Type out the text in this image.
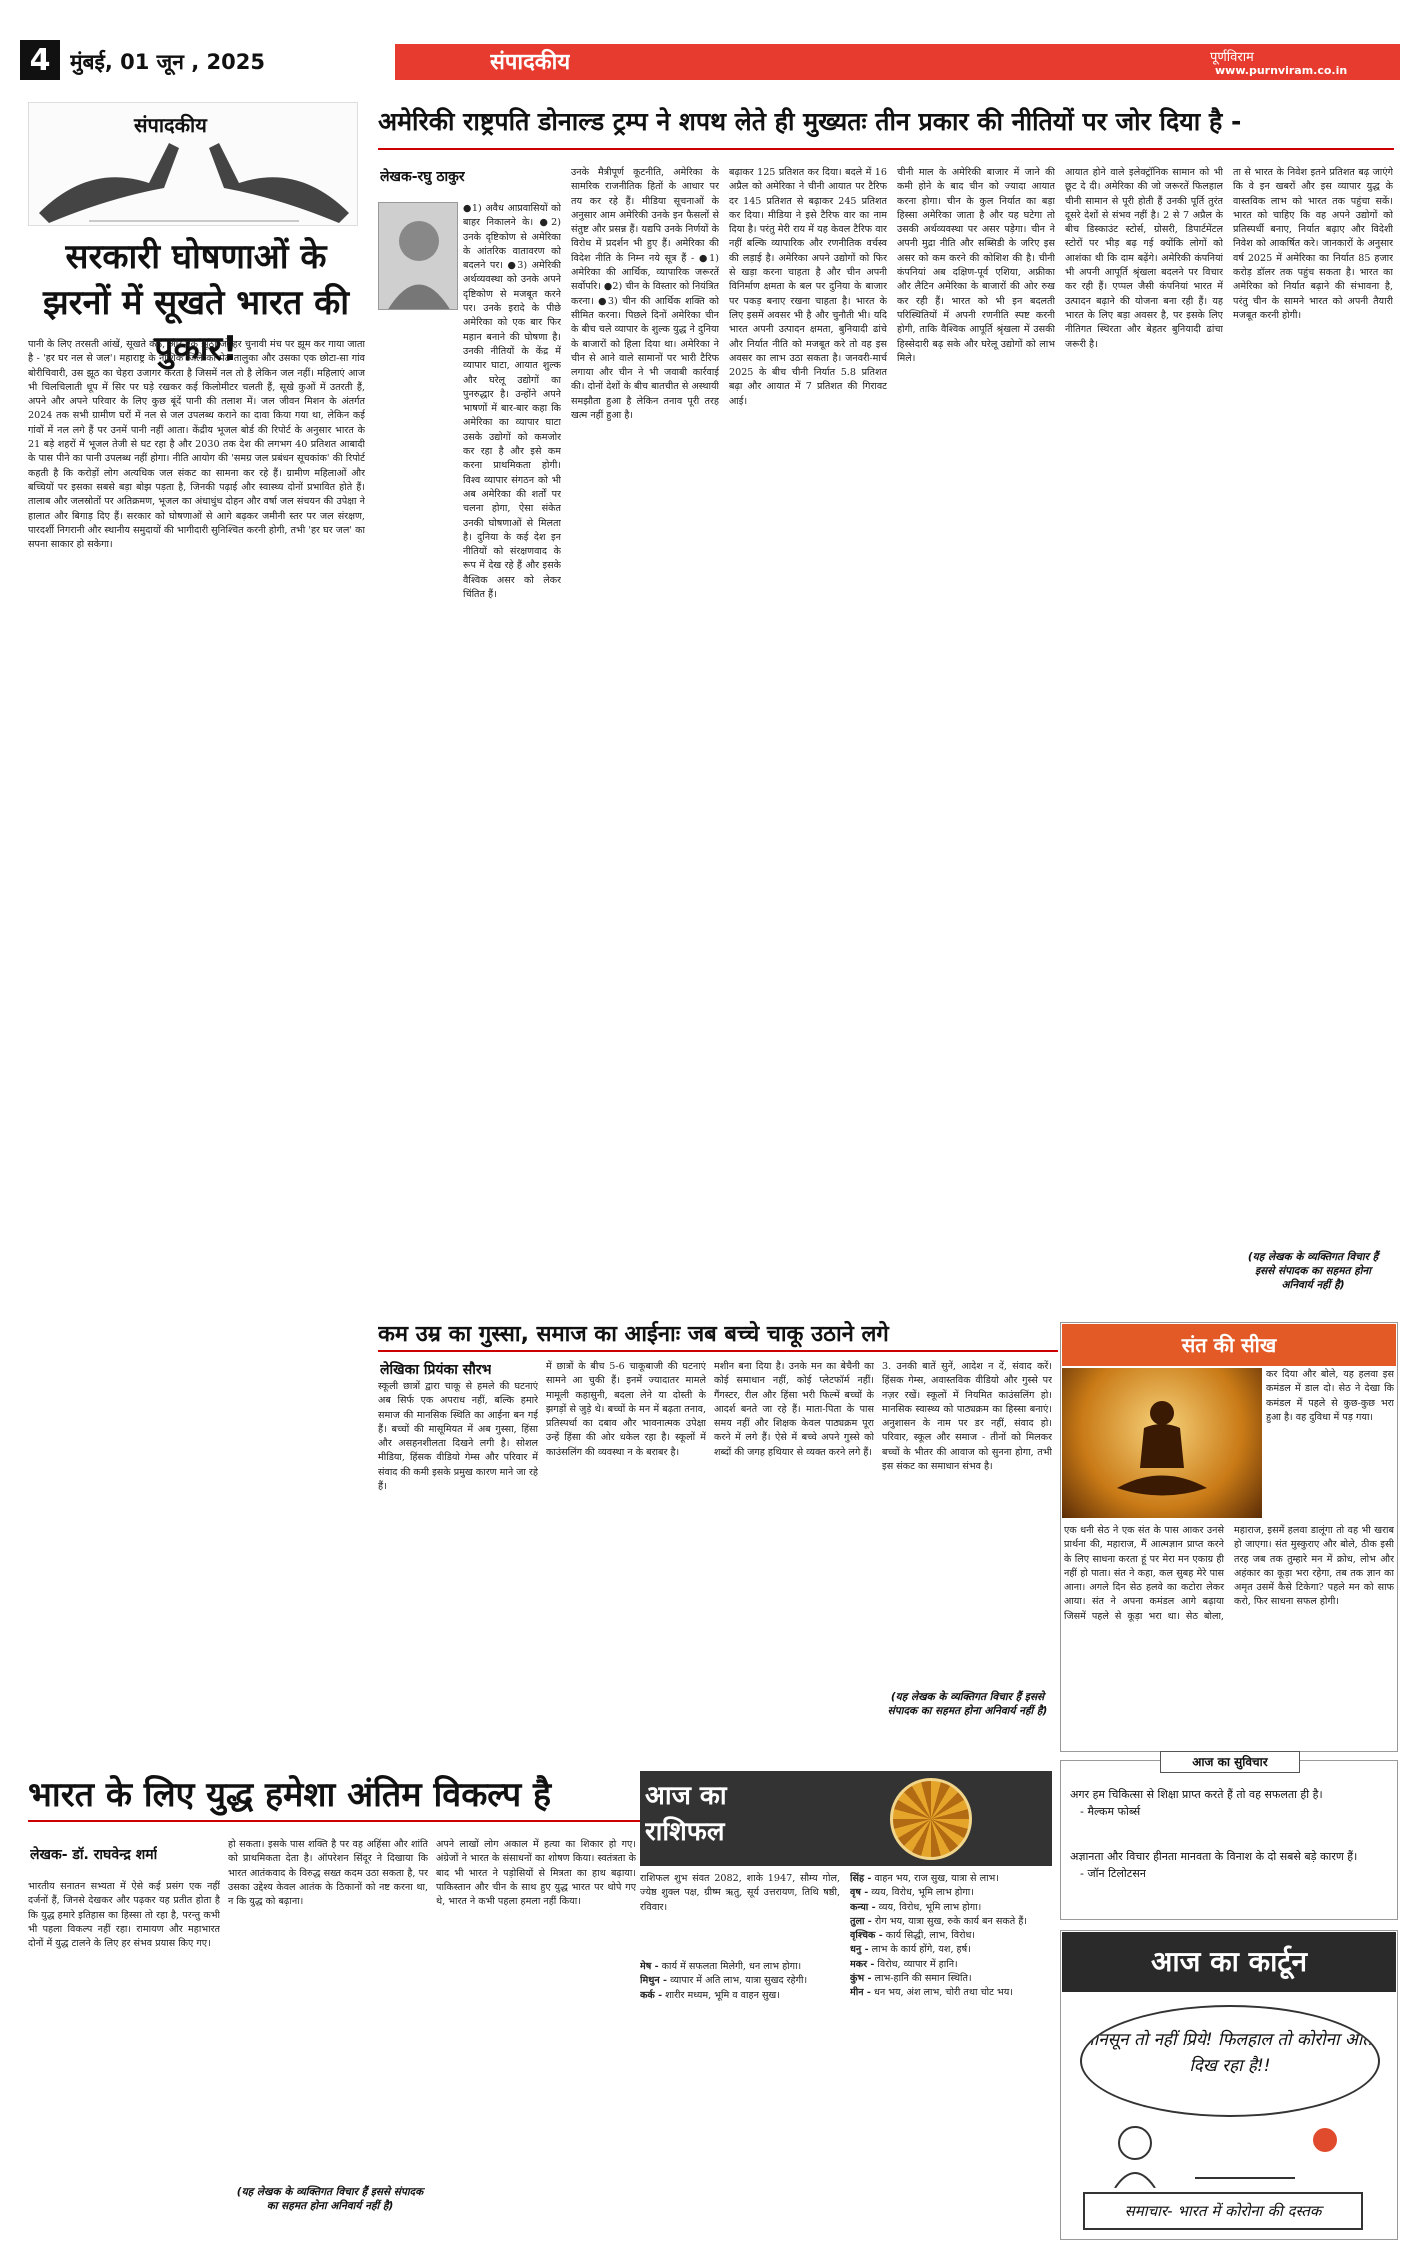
4 मुंबई, 01 जून , 2025	संपादकीय	पूर्णविराम
www.purnviram.co.in
संपादकीय
सरकारी घोषणाओं के झरनों में सूखते भारत की पुकार!
पानी के लिए तरसती आंखें, सूखते कंठ, और एक झूठा जो हर चुनावी मंच पर झूम कर गाया जाता है - 'हर घर नल से जल'। महाराष्ट्र के नाशिक जिले का पेठ तालुका और उसका एक छोटा-सा गांव बोरीचिवारी, उस झूठ का चेहरा उजागर करता है जिसमें नल तो है लेकिन जल नहीं। महिलाएं आज भी चिलचिलाती धूप में सिर पर घड़े रखकर कई किलोमीटर चलती हैं, सूखे कुओं में उतरती हैं, अपने और अपने परिवार के लिए कुछ बूंदें पानी की तलाश में। जल जीवन मिशन के अंतर्गत 2024 तक सभी ग्रामीण घरों में नल से जल उपलब्ध कराने का दावा किया गया था, लेकिन कई गांवों में नल लगे हैं पर उनमें पानी नहीं आता। केंद्रीय भूजल बोर्ड की रिपोर्ट के अनुसार भारत के 21 बड़े शहरों में भूजल तेजी से घट रहा है और 2030 तक देश की लगभग 40 प्रतिशत आबादी के पास पीने का पानी उपलब्ध नहीं होगा। नीति आयोग की 'समग्र जल प्रबंधन सूचकांक' की रिपोर्ट कहती है कि करोड़ों लोग अत्यधिक जल संकट का सामना कर रहे हैं। ग्रामीण महिलाओं और बच्चियों पर इसका सबसे बड़ा बोझ पड़ता है, जिनकी पढ़ाई और स्वास्थ्य दोनों प्रभावित होते हैं। तालाब और जलस्रोतों पर अतिक्रमण, भूजल का अंधाधुंध दोहन और वर्षा जल संचयन की उपेक्षा ने हालात और बिगाड़ दिए हैं। सरकार को घोषणाओं से आगे बढ़कर जमीनी स्तर पर जल संरक्षण, पारदर्शी निगरानी और स्थानीय समुदायों की भागीदारी सुनिश्चित करनी होगी, तभी 'हर घर जल' का सपना साकार हो सकेगा।
अमेरिकी राष्ट्रपति डोनाल्ड ट्रम्प ने शपथ लेते ही मुख्यतः तीन प्रकार की नीतियों पर जोर दिया है -
लेखक-रघु ठाकुर
●1) अवैध आप्रवासियों को बाहर निकालने के। ●2) उनके दृष्टिकोण से अमेरिका के आंतरिक वातावरण को बदलने पर। ●3) अमेरिकी अर्थव्यवस्था को उनके अपने दृष्टिकोण से मजबूत करने पर। उनके इरादे के पीछे अमेरिका को एक बार फिर महान बनाने की घोषणा है। उनकी नीतियों के केंद्र में व्यापार घाटा, आयात शुल्क और घरेलू उद्योगों का पुनरुद्धार है। उन्होंने अपने भाषणों में बार-बार कहा कि अमेरिका का व्यापार घाटा उसके उद्योगों को कमजोर कर रहा है और इसे कम करना प्राथमिकता होगी। विश्व व्यापार संगठन को भी अब अमेरिका की शर्तों पर चलना होगा, ऐसा संकेत उनकी घोषणाओं से मिलता है। दुनिया के कई देश इन नीतियों को संरक्षणवाद के रूप में देख रहे हैं और इसके वैश्विक असर को लेकर चिंतित हैं।
उनके मैत्रीपूर्ण कूटनीति, अमेरिका के सामरिक राजनीतिक हितों के आधार पर तय कर रहे हैं। मीडिया सूचनाओं के अनुसार आम अमेरिकी उनके इन फैसलों से संतुष्ट और प्रसन्न हैं। यद्यपि उनके निर्णयों के विरोध में प्रदर्शन भी हुए हैं। अमेरिका की विदेश नीति के निम्न नये सूत्र हैं - ●1) अमेरिका की आर्थिक, व्यापारिक जरूरतें सर्वोपरि। ●2) चीन के विस्तार को नियंत्रित करना। ●3) चीन की आर्थिक शक्ति को सीमित करना। पिछले दिनों अमेरिका चीन के बीच चले व्यापार के शुल्क युद्ध ने दुनिया के बाजारों को हिला दिया था। अमेरिका ने चीन से आने वाले सामानों पर भारी टैरिफ लगाया और चीन ने भी जवाबी कार्रवाई की। दोनों देशों के बीच बातचीत से अस्थायी समझौता हुआ है लेकिन तनाव पूरी तरह खत्म नहीं हुआ है।
बढ़ाकर 125 प्रतिशत कर दिया। बदले में 16 अप्रैल को अमेरिका ने चीनी आयात पर टैरिफ दर 145 प्रतिशत से बढ़ाकर 245 प्रतिशत कर दिया। मीडिया ने इसे टैरिफ वार का नाम दिया है। परंतु मेरी राय में यह केवल टैरिफ वार नहीं बल्कि व्यापारिक और रणनीतिक वर्चस्व की लड़ाई है। अमेरिका अपने उद्योगों को फिर से खड़ा करना चाहता है और चीन अपनी विनिर्माण क्षमता के बल पर दुनिया के बाजार पर पकड़ बनाए रखना चाहता है। भारत के लिए इसमें अवसर भी है और चुनौती भी। यदि भारत अपनी उत्पादन क्षमता, बुनियादी ढांचे और निर्यात नीति को मजबूत करे तो वह इस अवसर का लाभ उठा सकता है। जनवरी-मार्च 2025 के बीच चीनी निर्यात 5.8 प्रतिशत बढ़ा और आयात में 7 प्रतिशत की गिरावट आई।
चीनी माल के अमेरिकी बाजार में जाने की कमी होने के बाद चीन को ज्यादा आयात करना होगा। चीन के कुल निर्यात का बड़ा हिस्सा अमेरिका जाता है और यह घटेगा तो उसकी अर्थव्यवस्था पर असर पड़ेगा। चीन ने अपनी मुद्रा नीति और सब्सिडी के जरिए इस असर को कम करने की कोशिश की है। चीनी कंपनियां अब दक्षिण-पूर्व एशिया, अफ्रीका और लैटिन अमेरिका के बाजारों की ओर रुख कर रही हैं। भारत को भी इन बदलती परिस्थितियों में अपनी रणनीति स्पष्ट करनी होगी, ताकि वैश्विक आपूर्ति श्रृंखला में उसकी हिस्सेदारी बढ़ सके और घरेलू उद्योगों को लाभ मिले।
आयात होने वाले इलेक्ट्रॉनिक सामान को भी छूट दे दी। अमेरिका की जो जरूरतें फिलहाल चीनी सामान से पूरी होती हैं उनकी पूर्ति तुरंत दूसरे देशों से संभव नहीं है। 2 से 7 अप्रैल के बीच डिस्काउंट स्टोर्स, ग्रोसरी, डिपार्टमेंटल स्टोरों पर भीड़ बढ़ गई क्योंकि लोगों को आशंका थी कि दाम बढ़ेंगे। अमेरिकी कंपनियां भी अपनी आपूर्ति श्रृंखला बदलने पर विचार कर रही हैं। एप्पल जैसी कंपनियां भारत में उत्पादन बढ़ाने की योजना बना रही हैं। यह भारत के लिए बड़ा अवसर है, पर इसके लिए नीतिगत स्थिरता और बेहतर बुनियादी ढांचा जरूरी है।
ता से भारत के निवेश इतने प्रतिशत बढ़ जाएंगे कि वे इन खबरों और इस व्यापार युद्ध के वास्तविक लाभ को भारत तक पहुंचा सकें। भारत को चाहिए कि वह अपने उद्योगों को प्रतिस्पर्धी बनाए, निर्यात बढ़ाए और विदेशी निवेश को आकर्षित करे। जानकारों के अनुसार वर्ष 2025 में अमेरिका का निर्यात 85 हजार करोड़ डॉलर तक पहुंच सकता है। भारत का अमेरिका को निर्यात बढ़ाने की संभावना है, परंतु चीन के सामने भारत को अपनी तैयारी मजबूत करनी होगी।
(यह लेखक के व्यक्तिगत विचार हैं इससे संपादक का सहमत होना अनिवार्य नहीं है)
कम उम्र का गुस्सा, समाज का आईनाः जब बच्चे चाकू उठाने लगे
लेखिका प्रियंका सौरभ
स्कूली छात्रों द्वारा चाकू से हमले की घटनाएं अब सिर्फ एक अपराध नहीं, बल्कि हमारे समाज की मानसिक स्थिति का आईना बन गई हैं। बच्चों की मासूमियत में अब गुस्सा, हिंसा और असहनशीलता दिखने लगी है। सोशल मीडिया, हिंसक वीडियो गेम्स और परिवार में संवाद की कमी इसके प्रमुख कारण माने जा रहे हैं।
में छात्रों के बीच 5-6 चाकूबाजी की घटनाएं सामने आ चुकी हैं। इनमें ज्यादातर मामले मामूली कहासुनी, बदला लेने या दोस्ती के झगड़ों से जुड़े थे। बच्चों के मन में बढ़ता तनाव, प्रतिस्पर्धा का दबाव और भावनात्मक उपेक्षा उन्हें हिंसा की ओर धकेल रहा है। स्कूलों में काउंसलिंग की व्यवस्था न के बराबर है।
मशीन बना दिया है। उनके मन का बेचैनी का कोई समाधान नहीं, कोई प्लेटफॉर्म नहीं। गैंगस्टर, रील और हिंसा भरी फिल्में बच्चों के आदर्श बनते जा रहे हैं। माता-पिता के पास समय नहीं और शिक्षक केवल पाठ्यक्रम पूरा करने में लगे हैं। ऐसे में बच्चे अपने गुस्से को शब्दों की जगह हथियार से व्यक्त करने लगे हैं।
3. उनकी बातें सुनें, आदेश न दें, संवाद करें। हिंसक गेम्स, अवास्तविक वीडियो और गुस्से पर नज़र रखें। स्कूलों में नियमित काउंसलिंग हो। मानसिक स्वास्थ्य को पाठ्यक्रम का हिस्सा बनाएं। अनुशासन के नाम पर डर नहीं, संवाद हो। परिवार, स्कूल और समाज - तीनों को मिलकर बच्चों के भीतर की आवाज को सुनना होगा, तभी इस संकट का समाधान संभव है।
(यह लेखक के व्यक्तिगत विचार हैं इससे संपादक का सहमत होना अनिवार्य नहीं है)
संत की सीख
कर दिया और बोले, यह हलवा इस कमंडल में डाल दो। सेठ ने देखा कि कमंडल में पहले से कुछ-कुछ भरा हुआ है। वह दुविधा में पड़ गया।
एक धनी सेठ ने एक संत के पास आकर उनसे प्रार्थना की, महाराज, मैं आत्मज्ञान प्राप्त करने के लिए साधना करता हूं पर मेरा मन एकाग्र ही नहीं हो पाता। संत ने कहा, कल सुबह मेरे पास आना। अगले दिन सेठ हलवे का कटोरा लेकर आया। संत ने अपना कमंडल आगे बढ़ाया जिसमें पहले से कूड़ा भरा था। सेठ बोला, महाराज, इसमें हलवा डालूंगा तो वह भी खराब हो जाएगा। संत मुस्कुराए और बोले, ठीक इसी तरह जब तक तुम्हारे मन में क्रोध, लोभ और अहंकार का कूड़ा भरा रहेगा, तब तक ज्ञान का अमृत उसमें कैसे टिकेगा? पहले मन को साफ करो, फिर साधना सफल होगी।
भारत के लिए युद्ध हमेशा अंतिम विकल्प है
लेखक- डॉ. राघवेन्द्र शर्मा
भारतीय सनातन सभ्यता में ऐसे कई प्रसंग एक नहीं दर्जनों हैं, जिनसे देखकर और पढ़कर यह प्रतीत होता है कि युद्ध हमारे इतिहास का हिस्सा तो रहा है, परन्तु कभी भी पहला विकल्प नहीं रहा। रामायण और महाभारत दोनों में युद्ध टालने के लिए हर संभव प्रयास किए गए।
हो सकता। इसके पास शक्ति है पर वह अहिंसा और शांति को प्राथमिकता देता है। ऑपरेशन सिंदूर ने दिखाया कि भारत आतंकवाद के विरुद्ध सख्त कदम उठा सकता है, पर उसका उद्देश्य केवल आतंक के ठिकानों को नष्ट करना था, न कि युद्ध को बढ़ाना।
(यह लेखक के व्यक्तिगत विचार हैं इससे संपादक का सहमत होना अनिवार्य नहीं है)
अपने लाखों लोग अकाल में हत्या का शिकार हो गए। अंग्रेजों ने भारत के संसाधनों का शोषण किया। स्वतंत्रता के बाद भी भारत ने पड़ोसियों से मित्रता का हाथ बढ़ाया। पाकिस्तान और चीन के साथ हुए युद्ध भारत पर थोपे गए थे, भारत ने कभी पहला हमला नहीं किया।
आज का
राशिफल
राशिफल शुभ संवत 2082, शाके 1947, सौम्य गोल, ज्येष्ठ शुक्ल पक्ष, ग्रीष्म ऋतु, सूर्य उत्तरायण, तिथि षष्ठी, रविवार।
मेष - कार्य में सफलता मिलेगी, धन लाभ होगा।
मिथुन - व्यापार में अति लाभ, यात्रा सुखद रहेगी।
कर्क - शारीर मध्यम, भूमि व वाहन सुख।
सिंह - वाहन भय, राज सुख, यात्रा से लाभ।
वृष - व्यय, विरोध, भूमि लाभ होगा।
कन्या - व्यय, विरोध, भूमि लाभ होगा।
तुला - रोग भय, यात्रा सुख, रुके कार्य बन सकते हैं।
वृश्चिक - कार्य सिद्धी, लाभ, विरोध।
धनु - लाभ के कार्य होंगे, यश, हर्ष।
मकर - विरोध, व्यापार में हानि।
कुंभ - लाभ-हानि की समान स्थिति।
मीन - धन भय, अंश लाभ, चोरी तथा चोट भय।
आज का सुविचार
अगर हम चिकित्सा से शिक्षा प्राप्त करते हैं तो वह सफलता ही है।
- मैल्कम फोर्ब्स
अज्ञानता और विचार हीनता मानवता के विनाश के दो सबसे बड़े कारण हैं।
- जॉन टिलोटसन
आज का कार्टून
मानसून तो नहीं प्रिये! फिलहाल तो कोरोना आता दिख रहा है!!
समाचार- भारत में कोरोना की दस्तक
